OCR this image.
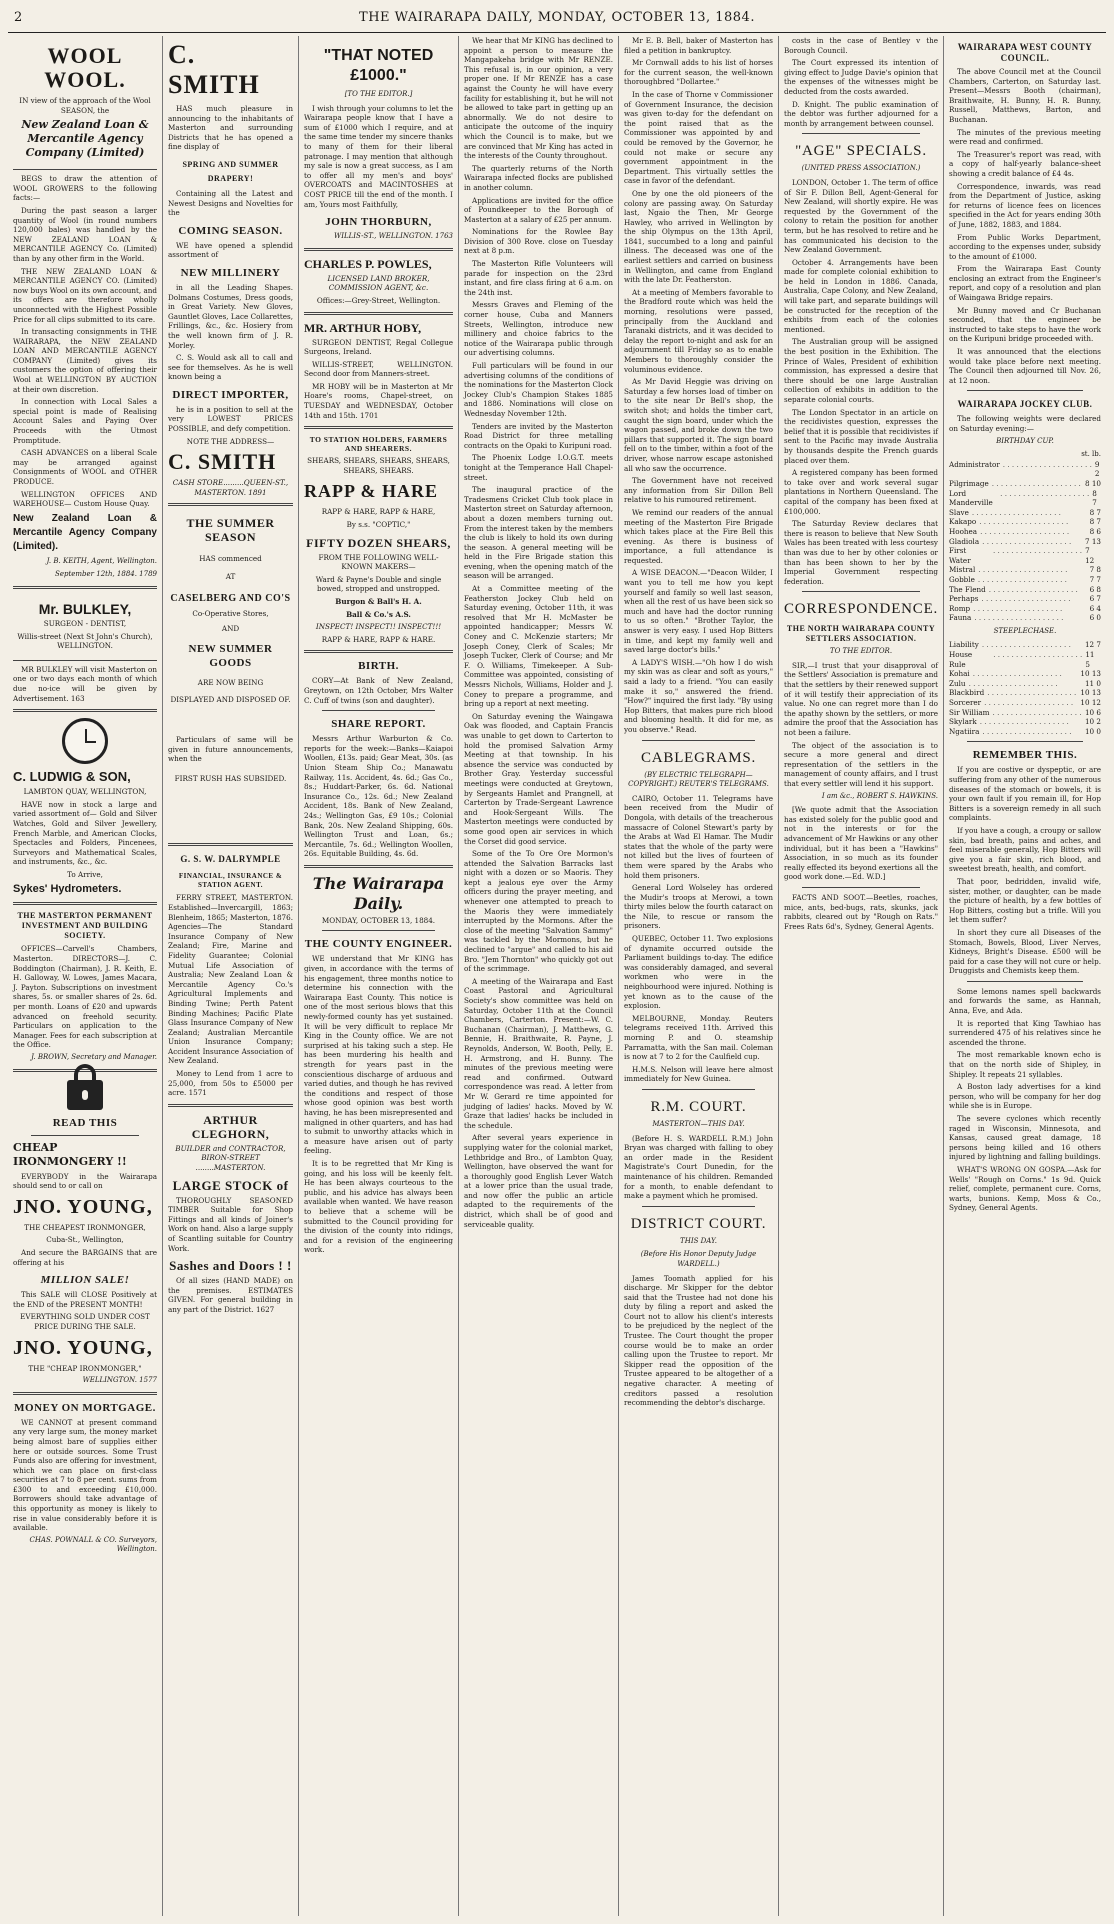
2	THE WAIRARAPA DAILY, MONDAY, OCTOBER 13, 1884.
WOOL WOOL.

IN view of the approach of the Wool SEASON, the

New Zealand Loan & Mercantile Agency Company (Limited)

BEGS to draw the attention of WOOL GROWERS to the following facts:—

During the past season a larger quantity of Wool (in round numbers 120,000 bales) was handled by the NEW ZEALAND LOAN & MERCANTILE AGENCY Co. (Limited) than by any other firm in the World.

THE NEW ZEALAND LOAN & MERCANTILE AGENCY CO. (Limited) now buys Wool on its own account, and its offers are therefore wholly unconnected with the Highest Possible Price for all clips submitted to its care.

In transacting consignments in THE WAIRARAPA, the NEW ZEALAND LOAN AND MERCANTILE AGENCY COMPANY (Limited) gives its customers the option of offering their Wool at WELLINGTON BY AUCTION at their own discretion.

In connection with Local Sales a special point is made of Realising Account Sales and Paying Over Proceeds with the Utmost Promptitude.

CASH ADVANCES on a liberal Scale may be arranged against Consignments of WOOL and OTHER PRODUCE.

WELLINGTON OFFICES AND WAREHOUSE— Custom House Quay.

New Zealand Loan & Mercantile Agency Company (Limited).
J. B. KEITH, Agent, Wellington.
September 12th, 1884. 1789
Mr. BULKLEY,

SURGEON - DENTIST,

Willis-street (Next St John's Church), WELLINGTON.

MR BULKLEY will visit Masterton on one or two days each month of which due no-ice will be given by Advertisement. 163

C. LUDWIG & SON,

LAMBTON QUAY, WELLINGTON,

HAVE now in stock a large and varied assortment of— Gold and Silver Watches, Gold and Silver Jewellery, French Marble, and American Clocks, Spectacles and Folders, Pincenees, Surveyors and Mathematical Scales, and instruments, &c., &c.

To Arrive,

Sykes' Hydrometers.
THE MASTERTON PERMANENT INVESTMENT AND BUILDING SOCIETY.

OFFICES—Carvell's Chambers, Masterton. DIRECTORS—J. C. Boddington (Chairman), J. R. Keith, E. H. Galloway, W. Lowes, James Macara, J. Payton. Subscriptions on investment shares, 5s. or smaller shares of 2s. 6d. per month. Loans of £20 and upwards advanced on freehold security. Particulars on application to the Manager. Fees for each subscription at the Office.

J. BROWN, Secretary and Manager.
READ THIS
CHEAP IRONMONGERY !!

EVERYBODY in the Wairarapa should send to or call on

JNO. YOUNG,

THE CHEAPEST IRONMONGER,

Cuba-St., Wellington,

And secure the BARGAINS that are offering at his

MILLION SALE!

This SALE will CLOSE Positively at the END of the PRESENT MONTH!

EVERYTHING SOLD UNDER COST PRICE DURING THE SALE.

JNO. YOUNG,

THE "CHEAP IRONMONGER,"

WELLINGTON. 1577
MONEY ON MORTGAGE.

WE CANNOT at present command any very large sum, the money market being almost bare of supplies either here or outside sources. Some Trust Funds also are offering for investment, which we can place on first-class securities at 7 to 8 per cent. sums from £300 to and exceeding £10,000. Borrowers should take advantage of this opportunity as money is likely to rise in value considerably before it is available.

CHAS. POWNALL & CO. Surveyors, Wellington.
C. SMITH

HAS much pleasure in announcing to the inhabitants of Masterton and surrounding Districts that he has opened a fine display of

SPRING AND SUMMER DRAPERY!

Containing all the Latest and Newest Designs and Novelties for the

COMING SEASON.

WE have opened a splendid assortment of

NEW MILLINERY

in all the Leading Shapes. Dolmans Costumes, Dress goods, in Great Variety. New Gloves, Gauntlet Gloves, Lace Collarettes, Frillings, &c., &c. Hosiery from the well known firm of J. R. Morley.

C. S. Would ask all to call and see for themselves. As he is well known being a

DIRECT IMPORTER,

he is in a position to sell at the very LOWEST PRICES POSSIBLE, and defy competition.

NOTE THE ADDRESS—

C. SMITH

CASH STORE.........QUEEN-ST., MASTERTON. 1891

THE SUMMER SEASON

HAS commenced

AT

CASELBERG AND CO'S

Co-Operative Stores,

AND

NEW SUMMER GOODS

ARE NOW BEING

DISPLAYED AND DISPOSED OF.

Particulars of same will be given in future announcements, when the

FIRST RUSH HAS SUBSIDED.

G. S. W. DALRYMPLE
FINANCIAL, INSURANCE & STATION AGENT.

FERRY STREET, MASTERTON. Established—Invercargill, 1863; Blenheim, 1865; Masterton, 1876. Agencies—The Standard Insurance Company of New Zealand; Fire, Marine and Fidelity Guarantee; Colonial Mutual Life Association of Australia; New Zealand Loan & Mercantile Agency Co.'s Agricultural Implements and Binding Twine; Perth Patent Binding Machines; Pacific Plate Glass Insurance Company of New Zealand; Australian Mercantile Union Insurance Company; Accident Insurance Association of New Zealand.

Money to Lend from 1 acre to 25,000, from 50s to £5000 per acre. 1571

ARTHUR CLEGHORN,

BUILDER and CONTRACTOR, BIRON-STREET ........MASTERTON.

LARGE STOCK of

THOROUGHLY SEASONED TIMBER Suitable for Shop Fittings and all kinds of Joiner's Work on hand. Also a large supply of Scantling suitable for Country Work.

Sashes and Doors ! !

Of all sizes (HAND MADE) on the premises. ESTIMATES GIVEN. For general building in any part of the District. 1627

"THAT NOTED £1000."
[TO THE EDITOR.]

I wish through your columns to let the Wairarapa people know that I have a sum of £1000 which I require, and at the same time tender my sincere thanks to many of them for their liberal patronage. I may mention that although my sale is now a great success, as I am to offer all my men's and boys' OVERCOATS and MACINTOSHES at COST PRICE till the end of the month. I am, Yours most Faithfully,

JOHN THORBURN,
WILLIS-ST., WELLINGTON. 1763
CHARLES P. POWLES,

LICENSED LAND BROKER, COMMISSION AGENT, &c.

Offices:—Grey-Street, Wellington.

MR. ARTHUR HOBY,

SURGEON DENTIST, Regal Collegue Surgeons, Ireland.

WILLIS-STREET, WELLINGTON. Second door from Manners-street.

MR HOBY will be in Masterton at Mr Hoare's rooms, Chapel-street, on TUESDAY and WEDNESDAY, October 14th and 15th. 1701

TO STATION HOLDERS, FARMERS AND SHEARERS.

SHEARS, SHEARS, SHEARS, SHEARS, SHEARS, SHEARS.

RAPP & HARE

RAPP & HARE, RAPP & HARE,

By s.s. "COPTIC,"

FIFTY DOZEN SHEARS,

FROM THE FOLLOWING WELL-KNOWN MAKERS—

Ward & Payne's Double and single bowed, stropped and unstropped.

Burgon & Ball's H. A.

Ball & Co.'s A.S.

INSPECT! INSPECT!! INSPECT!!!

RAPP & HARE, RAPP & HARE.

BIRTH.

CORY—At Bank of New Zealand, Greytown, on 12th October, Mrs Walter C. Cuff of twins (son and daughter).

SHARE REPORT.

Messrs Arthur Warburton & Co. reports for the week:—Banks—Kaiapoi Woollen, £13s. paid; Gear Meat, 30s. (as Union Steam Ship Co.; Manawatu Railway, 11s. Accident, 4s. 6d.; Gas Co., 8s.; Huddart-Parker, 6s. 6d. National Insurance Co., 12s. 6d.; New Zealand Accident, 18s. Bank of New Zealand, 24s.; Wellington Gas, £9 10s.; Colonial Bank, 20s. New Zealand Shipping, 60s. Wellington Trust and Loan, 6s.; Mercantile, 7s. 6d.; Wellington Woollen, 26s. Equitable Building, 4s. 6d.

The Wairarapa Daily.

MONDAY, OCTOBER 13, 1884.

THE COUNTY ENGINEER.

WE understand that Mr KING has given, in accordance with the terms of his engagement, three months notice to determine his connection with the Wairarapa East County. This notice is one of the most serious blows that this newly-formed county has yet sustained. It will be very difficult to replace Mr King in the County office. We are not surprised at his taking such a step. He has been murdering his health and strength for years past in the conscientious discharge of arduous and varied duties, and though he has revived the conditions and respect of those whose good opinion was best worth having, he has been misrepresented and maligned in other quarters, and has had to submit to unworthy attacks which in a measure have arisen out of party feeling.

It is to be regretted that Mr King is going, and his loss will be keenly felt. He has been always courteous to the public, and his advice has always been available when wanted. We have reason to believe that a scheme will be submitted to the Council providing for the division of the county into ridings, and for a revision of the engineering work.

We hear that Mr KING has declined to appoint a person to measure the Mangapakeha bridge with Mr RENZE. This refusal is, in our opinion, a very proper one. If Mr RENZE has a case against the County he will have every facility for establishing it, but he will not be allowed to take part in getting up an abnormally. We do not desire to anticipate the outcome of the inquiry which the Council is to make, but we are convinced that Mr King has acted in the interests of the County throughout.

The quarterly returns of the North Wairarapa infected flocks are published in another column.

Applications are invited for the office of Poundkeeper to the Borough of Masterton at a salary of £25 per annum.

Nominations for the Rowlee Bay Division of 300 Rove. close on Tuesday next at 8 p.m.

The Masterton Rifle Volunteers will parade for inspection on the 23rd instant, and fire class firing at 6 a.m. on the 24th inst.

Messrs Graves and Fleming of the corner house, Cuba and Manners Streets, Wellington, introduce new millinery and choice fabrics to the notice of the Wairarapa public through our advertising columns.

Full particulars will be found in our advertising columns of the conditions of the nominations for the Masterton Clock Jockey Club's Champion Stakes 1885 and 1886. Nominations will close on Wednesday November 12th.

Tenders are invited by the Masterton Road District for three metalling contracts on the Opaki to Kuripuni road.

The Phoenix Lodge I.O.G.T. meets tonight at the Temperance Hall Chapel-street.

The inaugural practice of the Tradesmens Cricket Club took place in Masterton street on Saturday afternoon, about a dozen members turning out. From the interest taken by the members the club is likely to hold its own during the season. A general meeting will be held in the Fire Brigade station this evening, when the opening match of the season will be arranged.

At a Committee meeting of the Featherston Jockey Club held on Saturday evening, October 11th, it was resolved that Mr H. McMaster be appointed handicapper; Messrs W. Coney and C. McKenzie starters; Mr Joseph Coney, Clerk of Scales; Mr Joseph Tucker, Clerk of Course; and Mr F. O. Williams, Timekeeper. A Sub-Committee was appointed, consisting of Messrs Nichols, Williams, Holder and J. Coney to prepare a programme, and bring up a report at next meeting.

On Saturday evening the Waingawa Oak was flooded, and Captain Francis was unable to get down to Carterton to hold the promised Salvation Army Meeting at that township. In his absence the service was conducted by Brother Gray. Yesterday successful meetings were conducted at Greytown, by Sergeants Hamlet and Prangnell, at Carterton by Trade-Sergeant Lawrence and Hook-Sergeant Wills. The Masterton meetings were conducted by some good open air services in which the Corset did good service.

Some of the To Ore Ore Mormon's attended the Salvation Barracks last night with a dozen or so Maoris. They kept a jealous eye over the Army officers during the prayer meeting, and whenever one attempted to preach to the Maoris they were immediately interrupted by the Mormons. After the close of the meeting "Salvation Sammy" was tackled by the Mormons, but he declined to "argue" and called to his aid Bro. "Jem Thornton" who quickly got out of the scrimmage.

A meeting of the Wairarapa and East Coast Pastoral and Agricultural Society's show committee was held on Saturday, October 11th at the Council Chambers, Carterton. Present:—W. C. Buchanan (Chairman), J. Matthews, G. Bennie, H. Braithwaite, R. Payne, J. Reynolds, Anderson, W. Booth, Pelly, E. H. Armstrong, and H. Bunny. The minutes of the previous meeting were read and confirmed. Outward correspondence was read. A letter from Mr W. Gerard re time appointed for judging of ladies' hacks. Moved by W. Graze that ladies' hacks be included in the schedule.

After several years experience in supplying water for the colonial market, Lethbridge and Bro., of Lambton Quay, Wellington, have observed the want for a thoroughly good English Lever Watch at a lower price than the usual trade, and now offer the public an article adapted to the requirements of the district, which shall be of good and serviceable quality.

Mr E. B. Bell, baker of Masterton has filed a petition in bankruptcy.

Mr Cornwall adds to his list of horses for the current season, the well-known thoroughbred "Dollartee."

In the case of Thorne v Commissioner of Government Insurance, the decision was given to-day for the defendant on the point raised that as the Commissioner was appointed by and could be removed by the Governor, he could not make or secure any government appointment in the Department. This virtually settles the case in favor of the defendant.

One by one the old pioneers of the colony are passing away. On Saturday last, Ngaio the Then, Mr George Hawley, who arrived in Wellington by the ship Olympus on the 13th April, 1841, succumbed to a long and painful illness. The deceased was one of the earliest settlers and carried on business in Wellington, and came from England with the late Dr. Featherston.

At a meeting of Members favorable to the Bradford route which was held the morning, resolutions were passed, principally from the Auckland and Taranaki districts, and it was decided to delay the report to-night and ask for an adjournment till Friday so as to enable Members to thoroughly consider the voluminous evidence.

As Mr David Heggie was driving on Saturday a few horses load of timber on to the site near Dr Bell's shop, the switch shot; and holds the timber cart, caught the sign board, under which the wagon passed, and broke down the two pillars that supported it. The sign board fell on to the timber, within a foot of the driver, whose narrow escape astonished all who saw the occurrence.

The Government have not received any information from Sir Dillon Bell relative to his rumoured retirement.

We remind our readers of the annual meeting of the Masterton Fire Brigade which takes place at the Fire Bell this evening. As there is business of importance, a full attendance is requested.

A WISE DEACON.—"Deacon Wilder, I want you to tell me how you kept yourself and family so well last season, when all the rest of us have been sick so much and have had the doctor running to us so often." "Brother Taylor, the answer is very easy. I used Hop Bitters in time, and kept my family well and saved large doctor's bills."

A LADY'S WISH.—"Oh how I do wish my skin was as clear and soft as yours," said a lady to a friend. "You can easily make it so," answered the friend. "How?" inquired the first lady. "By using Hop Bitters, that makes pure rich blood and blooming health. It did for me, as you observe." Read.

CABLEGRAMS.
(BY ELECTRIC TELEGRAPH—COPYRIGHT.) REUTER'S TELEGRAMS.

CAIRO, October 11. Telegrams have been received from the Mudir of Dongola, with details of the treacherous massacre of Colonel Stewart's party by the Arabs at Wad El Hamar. The Mudir states that the whole of the party were not killed but the lives of fourteen of them were spared by the Arabs who hold them prisoners.

General Lord Wolseley has ordered the Mudir's troops at Merowi, a town thirty miles below the fourth cataract on the Nile, to rescue or ransom the prisoners.

QUEBEC, October 11. Two explosions of dynamite occurred outside the Parliament buildings to-day. The edifice was considerably damaged, and several workmen who were in the neighbourhood were injured. Nothing is yet known as to the cause of the explosion.

MELBOURNE, Monday. Reuters telegrams received 11th. Arrived this morning P. and O. steamship Parramatta, with the San mail. Coleman is now at 7 to 2 for the Caulfield cup.

H.M.S. Nelson will leave here almost immediately for New Guinea.

R.M. COURT.
MASTERTON—THIS DAY.

(Before H. S. WARDELL R.M.) John Bryan was charged with falling to obey an order made in the Resident Magistrate's Court Dunedin, for the maintenance of his children. Remanded for a month, to enable defendant to make a payment which he promised.

DISTRICT COURT.
THIS DAY.
(Before His Honor Deputy Judge WARDELL.)

James Toomath applied for his discharge. Mr Skipper for the debtor said that the Trustee had not done his duty by filing a report and asked the Court not to allow his client's interests to be prejudiced by the neglect of the Trustee. The Court thought the proper course would be to make an order calling upon the Trustee to report. Mr Skipper read the opposition of the Trustee appeared to be altogether of a negative character. A meeting of creditors passed a resolution recommending the debtor's discharge.

costs in the case of Bentley v the Borough Council.

The Court expressed its intention of giving effect to Judge Davie's opinion that the expenses of the witnesses might be deducted from the costs awarded.

D. Knight. The public examination of the debtor was further adjourned for a month by arrangement between counsel.

"AGE" SPECIALS.
(UNITED PRESS ASSOCIATION.)

LONDON, October 1. The term of office of Sir F. Dillon Bell, Agent-General for New Zealand, will shortly expire. He was requested by the Government of the colony to retain the position for another term, but he has resolved to retire and he has communicated his decision to the New Zealand Government.

October 4. Arrangements have been made for complete colonial exhibition to be held in London in 1886. Canada, Australia, Cape Colony, and New Zealand, will take part, and separate buildings will be constructed for the reception of the exhibits from each of the colonies mentioned.

The Australian group will be assigned the best position in the Exhibition. The Prince of Wales, President of exhibition commission, has expressed a desire that there should be one large Australian collection of exhibits in addition to the separate colonial courts.

The London Spectator in an article on the recidivistes question, expresses the belief that it is possible that recidivistes if sent to the Pacific may invade Australia by thousands despite the French guards placed over them.

A registered company has been formed to take over and work several sugar plantations in Northern Queensland. The capital of the company has been fixed at £100,000.

The Saturday Review declares that there is reason to believe that New South Wales has been treated with less courtesy than was due to her by other colonies or than has been shown to her by the Imperial Government respecting federation.

CORRESPONDENCE.
THE NORTH WAIRARAPA COUNTY SETTLERS ASSOCIATION.
TO THE EDITOR.

SIR,—I trust that your disapproval of the Settlers' Association is premature and that the settlers by their renewed support of it will testify their appreciation of its value. No one can regret more than I do the apathy shown by the settlers, or more admire the proof that the Association has not been a failure.

The object of the association is to secure a more general and direct representation of the settlers in the management of county affairs, and I trust that every settler will lend it his support.

I am &c., ROBERT S. HAWKINS.

[We quote admit that the Association has existed solely for the public good and not in the interests or for the advancement of Mr Hawkins or any other individual, but it has been a "Hawkins" Association, in so much as its founder really effected its beyond exertions all the good work done.—Ed. W.D.]

FACTS AND SOOT.—Beetles, roaches, mice, ants, bed-bugs, rats, skunks, jack rabbits, cleared out by "Rough on Rats." Frees Rats 6d's, Sydney, General Agents.

WAIRARAPA WEST COUNTY COUNCIL.

The above Council met at the Council Chambers, Carterton, on Saturday last. Present—Messrs Booth (chairman), Braithwaite, H. Bunny, H. R. Bunny, Russell, Matthews, Barton, and Buchanan.

The minutes of the previous meeting were read and confirmed.

The Treasurer's report was read, with a copy of half-yearly balance-sheet showing a credit balance of £4 4s.

Correspondence, inwards, was read from the Department of Justice, asking for returns of licence fees on licences specified in the Act for years ending 30th of June, 1882, 1883, and 1884.

From Public Works Department, according to the expenses under, subsidy to the amount of £1000.

From the Wairarapa East County enclosing an extract from the Engineer's report, and copy of a resolution and plan of Waingawa Bridge repairs.

Mr Bunny moved and Cr Buchanan seconded, that the engineer be instructed to take steps to have the work on the Kuripuni bridge proceeded with.

It was announced that the elections would take place before next meeting. The Council then adjourned till Nov. 26, at 12 noon.

WAIRARAPA JOCKEY CLUB.

The following weights were declared on Saturday evening:—

BIRTHDAY CUP.
st. lb.
Administrator . . . . . . . . . . . . . . . . . . . . 9 2
Pilgrimage . . . . . . . . . . . . . . . . . . . . 8 10
Lord Manderville
. . . . . . . . . . . . . . . . . . . . 8 7
Slave . . . . . . . . . . . . . . . . . . . .	8 7
Kakapo . . . . . . . . . . . . . . . . . . . .	8 7
Hoohea . . . . . . . . . . . . . . . . . . . .	8 6
Gladiola . . . . . . . . . . . . . . . . . . . .	7 13
First Water
. . . . . . . . . . . . . . . . . . . . 7 12
Mistral . . . . . . . . . . . . . . . . . . . .	7 8
Gobble . . . . . . . . . . . . . . . . . . . .	7 7
The Flend . . . . . . . . . . . . . . . . . . . .	6 8
Perhaps . . . . . . . . . . . . . . . . . . . .	6 7
Romp . . . . . . . . . . . . . . . . . . . .	6 4
Fauna . . . . . . . . . . . . . . . . . . . .	6 0
STEEPLECHASE.
Liability . . . . . . . . . . . . . . . . . . . .	12 7
House Rule
. . . . . . . . . . . . . . . . . . . . 11 5
Kohai . . . . . . . . . . . . . . . . . . . .	10 13
Zulu . . . . . . . . . . . . . . . . . . . .	11 0
Blackbird . . . . . . . . . . . . . . . . . . . . 10 13
Sorcerer . . . . . . . . . . . . . . . . . . . .	10 12
Sir William . . . . . . . . . . . . . . . . . . . . 10 6
Skylark . . . . . . . . . . . . . . . . . . . .	10 2
Ngatiira . . . . . . . . . . . . . . . . . . . .	10 0
REMEMBER THIS.

If you are costive or dyspeptic, or are suffering from any other of the numerous diseases of the stomach or bowels, it is your own fault if you remain ill, for Hop Bitters is a sovereign remedy in all such complaints.

If you have a cough, a croupy or sallow skin, bad breath, pains and aches, and feel miserable generally, Hop Bitters will give you a fair skin, rich blood, and sweetest breath, health, and comfort.

That poor, bedridden, invalid wife, sister, mother, or daughter, can be made the picture of health, by a few bottles of Hop Bitters, costing but a trifle. Will you let them suffer?

In short they cure all Diseases of the Stomach, Bowels, Blood, Liver Nerves, Kidneys, Bright's Disease. £500 will be paid for a case they will not cure or help. Druggists and Chemists keep them.

Some lemons names spell backwards and forwards the same, as Hannah, Anna, Eve, and Ada.

It is reported that King Tawhiao has surrendered 475 of his relatives since he ascended the throne.

The most remarkable known echo is that on the north side of Shipley, in Shipley. It repeats 21 syllables.

A Boston lady advertises for a kind person, who will be company for her dog while she is in Europe.

The severe cyclones which recently raged in Wisconsin, Minnesota, and Kansas, caused great damage, 18 persons being killed and 16 others injured by lightning and falling buildings.

WHAT'S WRONG ON GOSPA.—Ask for Wells' "Rough on Corns." 1s 9d. Quick relief, complete, permanent cure. Corns, warts, bunions. Kemp, Moss & Co., Sydney, General Agents.
